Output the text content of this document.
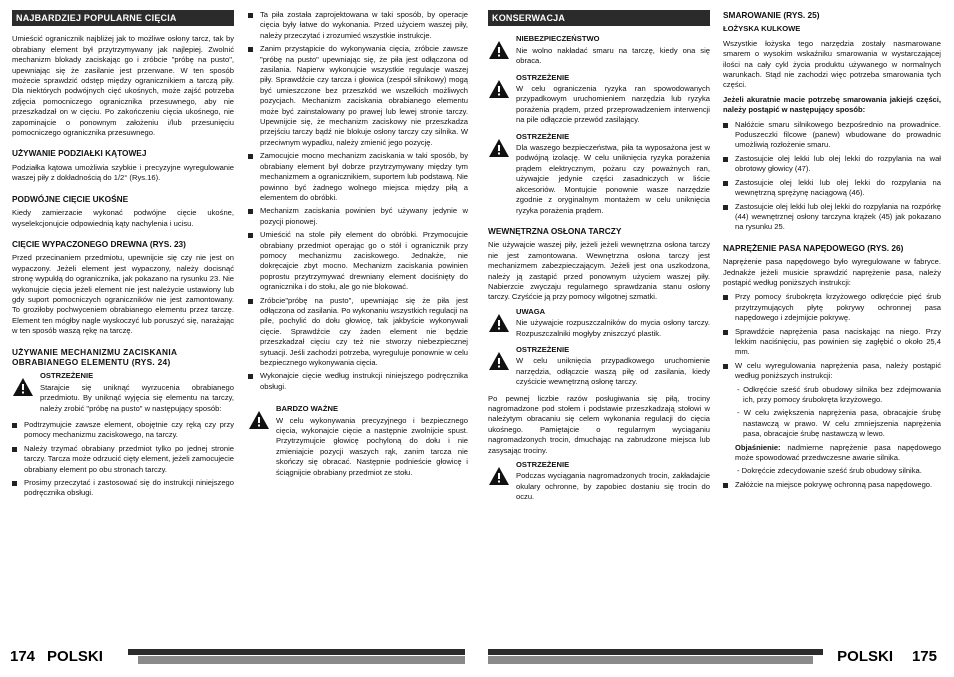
NAJBARDZIEJ POPULARNE CIĘCIA

Umieścić ogranicznik najbliżej jak to możliwe osłony tarcz, tak by obrabiany element był przytrzymywany jak najlepiej. Zwolnić mechanizm blokady zaciskając go i zróbcie "próbę na pusto", upewniając się że zasilanie jest przerwane. W ten sposób możecie sprawdzić odstęp między ogranicznikiem a tarczą piły. Dla niektórych podwójnych cięć ukośnych, może zajść potrzeba zdjęcia pomocniczego ogranicznika przesuwnego, aby nie przeszkadzał on w cięciu. Po zakończeniu cięcia ukośnego, nie zapominajcie o ponownym założeniu i/lub przesunięciu pomocniczego ogranicznika przesuwnego.

UŻYWANIE PODZIAŁKI KĄTOWEJ

Podziałka kątowa umożliwia szybkie i precyzyjne wyregulowanie waszej piły z dokładnością do 1/2° (Rys.16).

PODWÓJNE CIĘCIE UKOŚNE

Kiedy zamierzacie wykonać podwójne cięcie ukośne, wyselekcjonujcie odpowiednią kąty nachylenia i ucisu.

CIĘCIE WYPACZONEGO DREWNA (RYS. 23)

Przed przecinaniem przedmiotu, upewnijcie się czy nie jest on wypaczony. Jeżeli element jest wypaczony, należy docisnąć stronę wypukłą do ogranicznika, jak pokazano na rysunku 23. Nie wykonujcie cięcia jeżeli element nie jest należycie ustawiony lub gdy suport pomocniczych ograniczników nie jest zamontowany. To groziłoby pochwyceniem obrabianego elementu przez tarczę. Element ten mógłby nagle wyskoczyć lub poruszyć się, narażając w ten sposób waszą rękę na tarczę.

UŻYWANIE MECHANIZMU ZACISKANIA OBRABIANEGO ELEMENTU (RYS. 24)
OSTRZEŻENIE

Starajcie się uniknąć wyrzucenia obrabianego przedmiotu. By uniknąć wyjęcia się elementu na tarczy, należy zrobić "próbę na pusto" w następujący sposób:

Podtrzymujcie zawsze element, obojętnie czy ręką czy przy pomocy mechanizmu zaciskowego, na tarczy.
Należy trzymać obrabiany przedmiot tylko po jednej stronie tarczy. Tarcza może odrzucić cięty element, jeżeli zamocujecie obrabiany element po obu stronach tarczy.
Prosimy przeczytać i zastosować się do instrukcji niniejszego podręcznika obsługi.
Ta piła została zaprojektowana w taki sposób, by operacje cięcia były łatwe do wykonania. Przed użyciem waszej piły, należy przeczytać i zrozumieć wszystkie instrukcje.
Zanim przystąpicie do wykonywania cięcia, zróbcie zawsze "próbę na pusto" upewniając się, że piła jest odłączona od zasilania. Napierw wykonujcie wszystkie regulacje waszej piły. Sprawdźcie czy tarcza i głowica (zespół silnikowy) mogą być umieszczone bez przeszkód we wszelkich możliwych pozycjach. Mechanizm zaciskania obrabianego elementu może być zainstalowany po prawej lub lewej stronie tarczy. Upewnijcie się, że mechanizm zaciskowy nie przeszkadza przejściu tarczy bądź nie blokuje osłony tarczy czy silnika. W przeciwnym wypadku, należy zmienić jego pozycję.
Zamocujcie mocno mechanizm zaciskania w taki sposób, by obrabiany element był dobrze przytrzymywany między tym mechanizmem a ogranicznikiem, suportem lub podstawą. Nie powinno być żadnego wolnego miejsca między piłą a elementem do obróbki.
Mechanizm zaciskania powinien być używany jedynie w pozycji pionowej.
Umieścić na stole piły element do obróbki. Przymocujcie obrabiany przedmiot operając go o stół i ogranicznik przy pomocy mechanizmu zaciskowego. Jednakże, nie dokręcajcie zbyt mocno. Mechanizm zaciskania powinien poprostu przytrzymywać drewniany element dociśnięty do ogranicznika i do stołu, ale go nie blokować.
Zróbcie"próbę na pusto", upewniając się że piła jest odłączona od zasilania. Po wykonaniu wszystkich regulacji na pile, pochylić do dołu głowicę, tak jakbyście wykonywali cięcie. Sprawdźcie czy żaden element nie będzie przeszkadzał cięciu czy też nie stworzy niebezpiecznej sytuacji. Jeśli zachodzi potrzeba, wyreguluje ponownie w celu bezpiecznego wykonywania cięcia.
Wykonajcie cięcie według instrukcji niniejszego podręcznika obsługi.
BARDZO WAŻNE

W celu wykonywania precyzyjnego i bezpiecznego cięcia, wykonajcie cięcie a następnie zwolnijcie spust. Przytrzymujcie głowicę pochyloną do dołu i nie zmieniajcie pozycji waszych rąk, zanim tarcza nie skończy się obracać. Następnie podnieście głowicę i ściągnijcie obrabiany przedmiot ze stołu.

KONSERWACJA
NIEBEZPIECZEŃSTWO

Nie wolno nakładać smaru na tarczę, kiedy ona się obraca.

OSTRZEŻENIE

W celu ograniczenia ryzyka ran spowodowanych przypadkowym uruchomieniem narzędzia lub ryzyka porażenia prądem, przed przeprowadzeniem interwencji na pile odłączcie przewód zasilający.

OSTRZEŻENIE

Dla waszego bezpieczeństwa, piła ta wyposażona jest w podwójną izolację. W celu uniknięcia ryzyka porażenia prądem elektrycznym, pożaru czy poważnych ran, używajcie jedynie części zasadniczych w liście akcesoriów. Montujcie ponownie wasze narzędzie zgodnie z oryginalnym montażem w celu uniknięcia ryzyka porażenia prądem.

WEWNĘTRZNA OSŁONA TARCZY

Nie używajcie waszej piły, jeżeli jeżeli wewnętrzna osłona tarczy nie jest zamontowana. Wewnętrzna osłona tarczy jest mechanizmem zabezpieczającym. Jeżeli jest ona uszkodzona, należy ją zastąpić przed ponownym użyciem waszej piły. Nabierzcie zwyczaju regularnego sprawdzania stanu osłony tarczy. Czyśćcie ją przy pomocy wilgotnej szmatki.

UWAGA

Nie używajcie rozpuszczalników do mycia osłony tarczy. Rozpuszczalniki mogłyby zniszczyć plastik.

OSTRZEŻENIE

W celu uniknięcia przypadkowego uruchomienie narzędzia, odłączcie waszą piłę od zasilania, kiedy czyścicie wewnętrzną osłonę tarczy.

Po pewnej liczbie razów posługiwania się piłą, trociny nagromadzone pod stołem i podstawie przeszkadzają stołowi w należytym obracaniu się celem wykonania regulacji do cięcia ukośnego. Pamiętajcie o regularnym wyciąganiu nagromadzonych trocin, dmuchając na zabrudzone miejsca lub zasysając trociny.

OSTRZEŻENIE

Podczas wyciągania nagromadzonych trocin, zakładajcie okulary ochronne, by zapobiec dostaniu się trocin do oczu.

SMAROWANIE (RYS. 25)
ŁOŻYSKA KULKOWE

Wszystkie łożyska tego narzędzia zostały nasmarowane smarem o wysokim wskaźniku smarowania w wystarczającej ilości na cały cykl życia produktu używanego w normalnych warunkach. Stąd nie zachodzi więc potrzeba smarowania tych części.

Jeżeli akuratnie macie potrzebę smarowania jakiejś części, należy postąpić w następujący sposób:

Nałóżcie smaru silnikowego bezpośrednio na prowadnice. Poduszeczki filcowe (panew) wbudowane do prowadnic umożliwią rozłożenie smaru.
Zastosujcie olej lekki lub olej lekki do rozpylania na wał obrotowy głowicy (47).
Zastosujcie olej lekki lub olej lekki do rozpylania na wewnętrzną sprężynę naciągową (46).
Zastosujcie olej lekki lub olej lekki do rozpylania na rozpórkę (44) wewnętrznej osłony tarczyna krążek (45) jak pokazano na rysunku 25.
NAPRĘŻENIE PASA NAPĘDOWEGO (RYS. 26)

Naprężenie pasa napędowego było wyregulowane w fabryce. Jednakże jeżeli musicie sprawdzić naprężenie pasa, należy postąpić według poniższych instrukcji:

Przy pomocy śrubokręta krzyżowego odkręćcie pięć śrub przytrzymujących płytę pokrywy ochronnej pasa napędowego i zdejmijcie pokrywę.
Sprawdźcie naprężenia pasa naciskając na niego. Przy lekkim naciśnięciu, pas powinien się zagłębić o około 25,4 mm.
W celu wyregulowania naprężenia pasa, należy postąpić według poniższych instrukcji:
- Odkręćcie sześć śrub obudowy silnika bez zdejmowania ich, przy pomocy śrubokręta krzyżowego.
- W celu zwiększenia naprężenia pasa, obracajcie śrubę nastawczą w prawo. W celu zmniejszenia naprężenia pasa, obracajcie śrubę nastawczą w lewo.
Objaśnienie: nadmierne naprężenie pasa napędowego może spowodować przedwczesne awarie silnika.
- Dokręćcie zdecydowanie sześć śrub obudowy silnika.
Załóżcie na miejsce pokrywę ochronną pasa napędowego.
174 POLSKI	POLSKI 175
